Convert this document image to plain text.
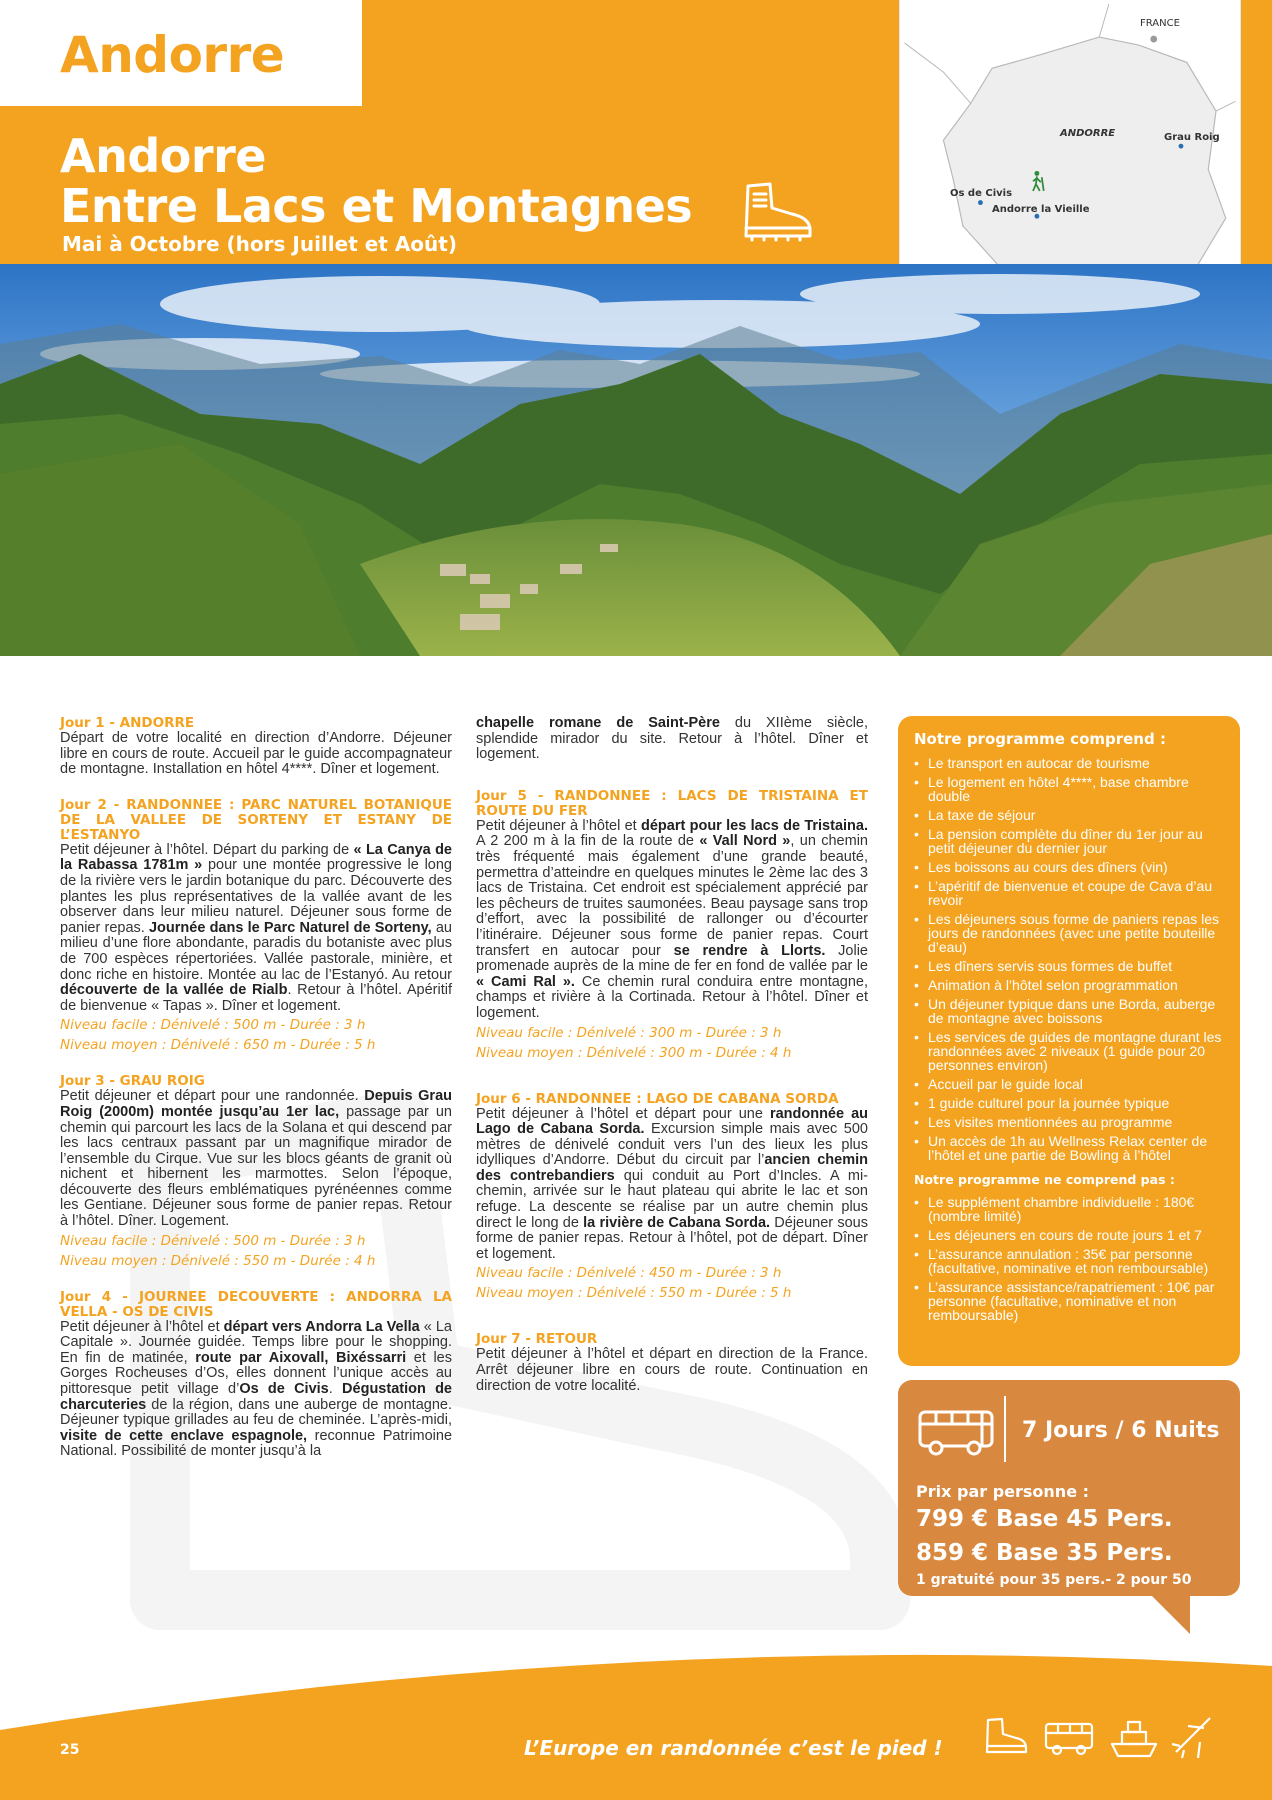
Andorre
Andorre
Entre Lacs et Montagnes
Mai à Octobre (hors Juillet et Août)
FRANCE
ANDORRE	Grau Roig
Os de Civis
Andorre la Vieille
Jour 1 - ANDORRE
Départ de votre localité en direction d’Andorre. Déjeuner libre en cours de route. Accueil par le guide accompagnateur de montagne. Installation en hôtel 4****. Dîner et logement.
Jour 2 - RANDONNEE : PARC NATUREL BOTANIQUE DE LA VALLEE DE SORTENY ET ESTANY DE L’ESTANYO
Petit déjeuner à l’hôtel. Départ du parking de « La Canya de la Rabassa 1781m » pour une montée progressive le long de la rivière vers le jardin botanique du parc. Découverte des plantes les plus représentatives de la vallée avant de les observer dans leur milieu naturel. Déjeuner sous forme de panier repas. Journée dans le Parc Naturel de Sorteny, au milieu d’une flore abondante, paradis du botaniste avec plus de 700 espèces répertoriées. Vallée pastorale, minière, et donc riche en histoire. Montée au lac de l’Estanyó. Au retour découverte de la vallée de Rialb. Retour à l’hôtel. Apéritif de bienvenue « Tapas ». Dîner et logement.
Niveau facile : Dénivelé : 500 m - Durée : 3 h
Niveau moyen : Dénivelé : 650 m - Durée : 5 h
Jour 3 - GRAU ROIG
Petit déjeuner et départ pour une randonnée. Depuis Grau Roig (2000m) montée jusqu’au 1er lac, passage par un chemin qui parcourt les lacs de la Solana et qui descend par les lacs centraux passant par un magnifique mirador de l’ensemble du Cirque. Vue sur les blocs géants de granit où nichent et hibernent les marmottes. Selon l’époque, découverte des fleurs emblématiques pyrénéennes comme les Gentiane. Déjeuner sous forme de panier repas. Retour à l’hôtel. Dîner. Logement.
Niveau facile : Dénivelé : 500 m - Durée : 3 h
Niveau moyen : Dénivelé : 550 m - Durée : 4 h
Jour 4 - JOURNEE DECOUVERTE : ANDORRA LA VELLA - OS DE CIVIS
Petit déjeuner à l’hôtel et départ vers Andorra La Vella « La Capitale ». Journée guidée. Temps libre pour le shopping. En fin de matinée, route par Aixovall, Bixéssarri et les Gorges Rocheuses d’Os, elles donnent l’unique accès au pittoresque petit village d’Os de Civis. Dégustation de charcuteries de la région, dans une auberge de montagne. Déjeuner typique grillades au feu de cheminée. L’après-midi, visite de cette enclave espagnole, reconnue Patrimoine National. Possibilité de monter jusqu’à la
chapelle romane de Saint-Père du XIIème siècle, splendide mirador du site. Retour à l’hôtel. Dîner et logement.
Jour 5 - RANDONNEE : LACS DE TRISTAINA ET ROUTE DU FER
Petit déjeuner à l’hôtel et départ pour les lacs de Tristaina. A 2 200 m à la fin de la route de « Vall Nord », un chemin très fréquenté mais également d’une grande beauté, permettra d’atteindre en quelques minutes le 2ème lac des 3 lacs de Tristaina. Cet endroit est spécialement apprécié par les pêcheurs de truites saumonées. Beau paysage sans trop d’effort, avec la possibilité de rallonger ou d’écourter l’itinéraire. Déjeuner sous forme de panier repas. Court transfert en autocar pour se rendre à Llorts. Jolie promenade auprès de la mine de fer en fond de vallée par le « Cami Ral ». Ce chemin rural conduira entre montagne, champs et rivière à la Cortinada. Retour à l’hôtel. Dîner et logement.
Niveau facile : Dénivelé : 300 m - Durée : 3 h
Niveau moyen : Dénivelé : 300 m - Durée : 4 h
Jour 6 - RANDONNEE : LAGO DE CABANA SORDA
Petit déjeuner à l’hôtel et départ pour une randonnée au Lago de Cabana Sorda. Excursion simple mais avec 500 mètres de dénivelé conduit vers l’un des lieux les plus idylliques d’Andorre. Début du circuit par l’ancien chemin des contrebandiers qui conduit au Port d’Incles. A mi-chemin, arrivée sur le haut plateau qui abrite le lac et son refuge. La descente se réalise par un autre chemin plus direct le long de la rivière de Cabana Sorda. Déjeuner sous forme de panier repas. Retour à l’hôtel, pot de départ. Dîner et logement.
Niveau facile : Dénivelé : 450 m - Durée : 3 h
Niveau moyen : Dénivelé : 550 m - Durée : 5 h
Jour 7 - RETOUR
Petit déjeuner à l’hôtel et départ en direction de la France. Arrêt déjeuner libre en cours de route. Continuation en direction de votre localité.
Notre programme comprend :
• Le transport en autocar de tourisme
• Le logement en hôtel 4****, base chambre double
• La taxe de séjour
• La pension complète du dîner du 1er jour au petit déjeuner du dernier jour
• Les boissons au cours des dîners (vin)
• L’apéritif de bienvenue et coupe de Cava d’au revoir
• Les déjeuners sous forme de paniers repas les jours de randonnées (avec une petite bouteille d’eau)
• Les dîners servis sous formes de buffet
• Animation à l’hôtel selon programmation
• Un déjeuner typique dans une Borda, auberge de montagne avec boissons
• Les services de guides de montagne durant les randonnées avec 2 niveaux (1 guide pour 20 personnes environ)
• Accueil par le guide local
• 1 guide culturel pour la journée typique
• Les visites mentionnées au programme
• Un accès de 1h au Wellness Relax center de l’hôtel et une partie de Bowling à l’hôtel
Notre programme ne comprend pas :
• Le supplément chambre individuelle : 180€ (nombre limité)
• Les déjeuners en cours de route jours 1 et 7
• L’assurance annulation : 35€ par personne (facultative, nominative et non remboursable)
• L’assurance assistance/rapatriement : 10€ par personne (facultative, nominative et non remboursable)
7 Jours / 6 Nuits
Prix par personne :
799 € Base 45 Pers.
859 € Base 35 Pers.
1 gratuité pour 35 pers.- 2 pour 50
25	L’Europe en randonnée c’est le pied !
